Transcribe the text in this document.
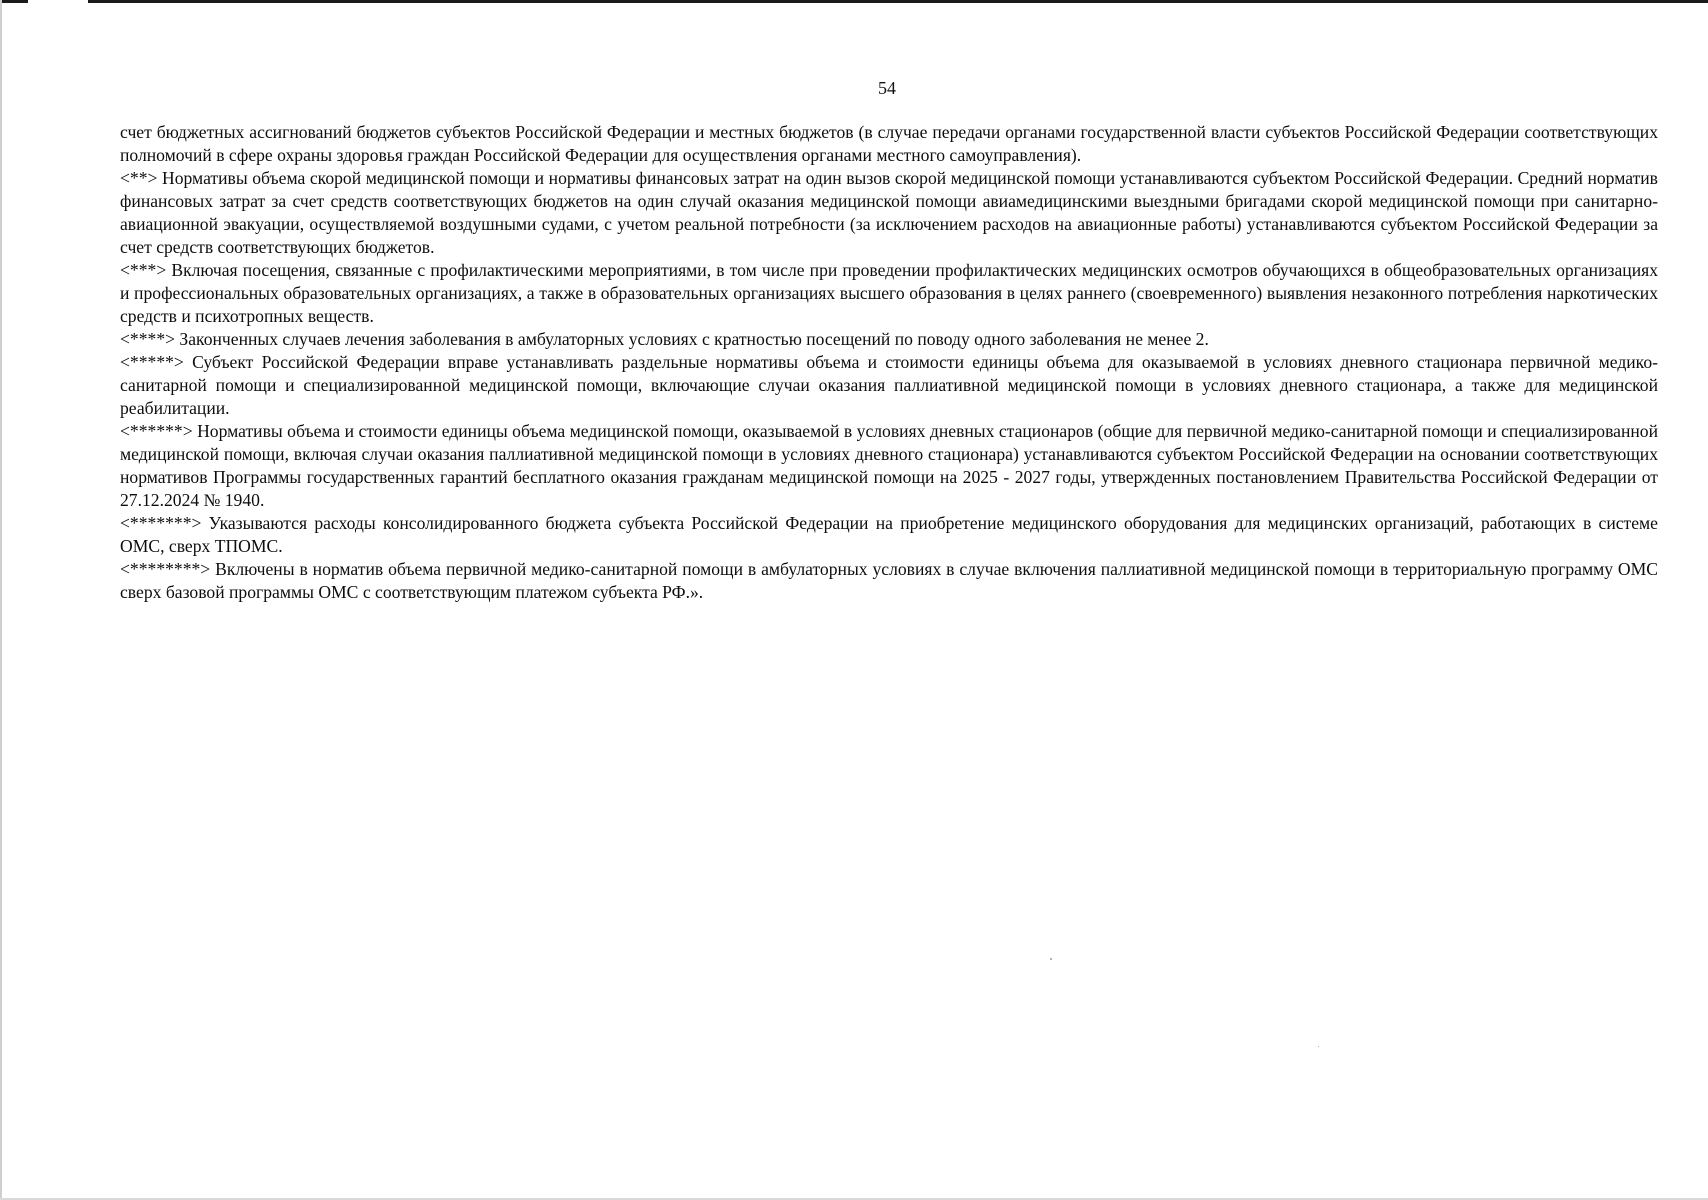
54

счет бюджетных ассигнований бюджетов субъектов Российской Федерации и местных бюджетов (в случае передачи органами государственной власти субъектов Российской Федерации соответствующих полномочий в сфере охраны здоровья граждан Российской Федерации для осуществления органами местного самоуправления).

<**> Нормативы объема скорой медицинской помощи и нормативы финансовых затрат на один вызов скорой медицинской помощи устанавливаются субъектом Российской Федерации. Средний норматив финансовых затрат за счет средств соответствующих бюджетов на один случай оказания медицинской помощи авиамедицинскими выездными бригадами скорой медицинской помощи при санитарно-авиационной эвакуации, осуществляемой воздушными судами, с учетом реальной потребности (за исключением расходов на авиационные работы) устанавливаются субъектом Российской Федерации за счет средств соответствующих бюджетов.

<***> Включая посещения, связанные с профилактическими мероприятиями, в том числе при проведении профилактических медицинских осмотров обучающихся в общеобразовательных организациях и профессиональных образовательных организациях, а также в образовательных организациях высшего образования в целях раннего (своевременного) выявления незаконного потребления наркотических средств и психотропных веществ.

<****> Законченных случаев лечения заболевания в амбулаторных условиях с кратностью посещений по поводу одного заболевания не менее 2.

<*****> Субъект Российской Федерации вправе устанавливать раздельные нормативы объема и стоимости единицы объема для оказываемой в условиях дневного стационара первичной медико-санитарной помощи и специализированной медицинской помощи, включающие случаи оказания паллиативной медицинской помощи в условиях дневного стационара, а также для медицинской реабилитации.

<******> Нормативы объема и стоимости единицы объема медицинской помощи, оказываемой в условиях дневных стационаров (общие для первичной медико-санитарной помощи и специализированной медицинской помощи, включая случаи оказания паллиативной медицинской помощи в условиях дневного стационара) устанавливаются субъектом Российской Федерации на основании соответствующих нормативов Программы государственных гарантий бесплатного оказания гражданам медицинской помощи на 2025 - 2027 годы, утвержденных постановлением Правительства Российской Федерации от 27.12.2024 № 1940.

<*******> Указываются расходы консолидированного бюджета субъекта Российской Федерации на приобретение медицинского оборудования для медицинских организаций, работающих в системе ОМС, сверх ТПОМС.

<********> Включены в норматив объема первичной медико-санитарной помощи в амбулаторных условиях в случае включения паллиативной медицинской помощи в территориальную программу ОМС сверх базовой программы ОМС с соответствующим платежом субъекта РФ.».
